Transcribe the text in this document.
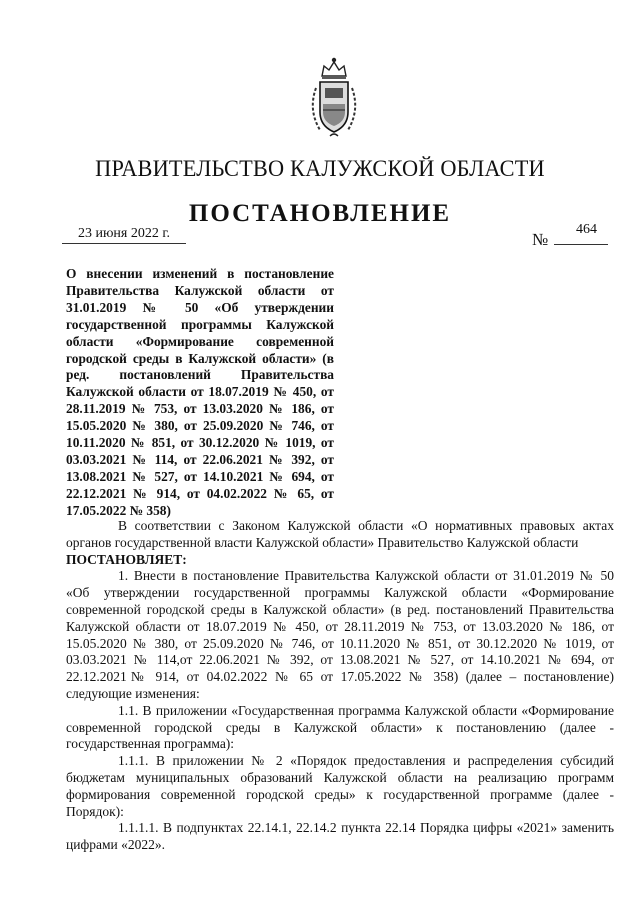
ПРАВИТЕЛЬСТВО КАЛУЖСКОЙ ОБЛАСТИ
ПОСТАНОВЛЕНИЕ
23 июня 2022 г.	№
464
О внесении изменений в постановление Правительства Калужской области от 31.01.2019 № 50 «Об утверждении государственной программы Калужской области «Формирование современной городской среды в Калужской области» (в ред. постановлений Правительства Калужской области от 18.07.2019 № 450, от 28.11.2019 № 753, от 13.03.2020 № 186, от 15.05.2020 № 380, от 25.09.2020 № 746, от 10.11.2020 № 851, от 30.12.2020 № 1019, от 03.03.2021 № 114, от 22.06.2021 № 392, от 13.08.2021 № 527, от 14.10.2021 № 694, от 22.12.2021 № 914, от 04.02.2022 № 65, от 17.05.2022 № 358)

В соответствии с Законом Калужской области «О нормативных правовых актах органов государственной власти Калужской области» Правительство Калужской области

ПОСТАНОВЛЯЕТ:

1. Внести в постановление Правительства Калужской области от 31.01.2019 № 50 «Об утверждении государственной программы Калужской области «Формирование современной городской среды в Калужской области» (в ред. постановлений Правительства Калужской области от 18.07.2019 № 450, от 28.11.2019 № 753, от 13.03.2020 № 186, от 15.05.2020 № 380, от 25.09.2020 № 746, от 10.11.2020 № 851, от 30.12.2020 № 1019, от 03.03.2021 № 114,от 22.06.2021 № 392, от 13.08.2021 № 527, от 14.10.2021 № 694, от 22.12.2021№ 914, от 04.02.2022 № 65 от 17.05.2022 № 358) (далее – постановление) следующие изменения:

1.1. В приложении «Государственная программа Калужской области «Формирование современной городской среды в Калужской области» к постановлению (далее - государственная программа):

1.1.1. В приложении № 2 «Порядок предоставления и распределения субсидий бюджетам муниципальных образований Калужской области на реализацию программ формирования современной городской среды» к государственной программе (далее - Порядок):

1.1.1.1. В подпунктах 22.14.1, 22.14.2 пункта 22.14 Порядка цифры «2021» заменить цифрами «2022».
